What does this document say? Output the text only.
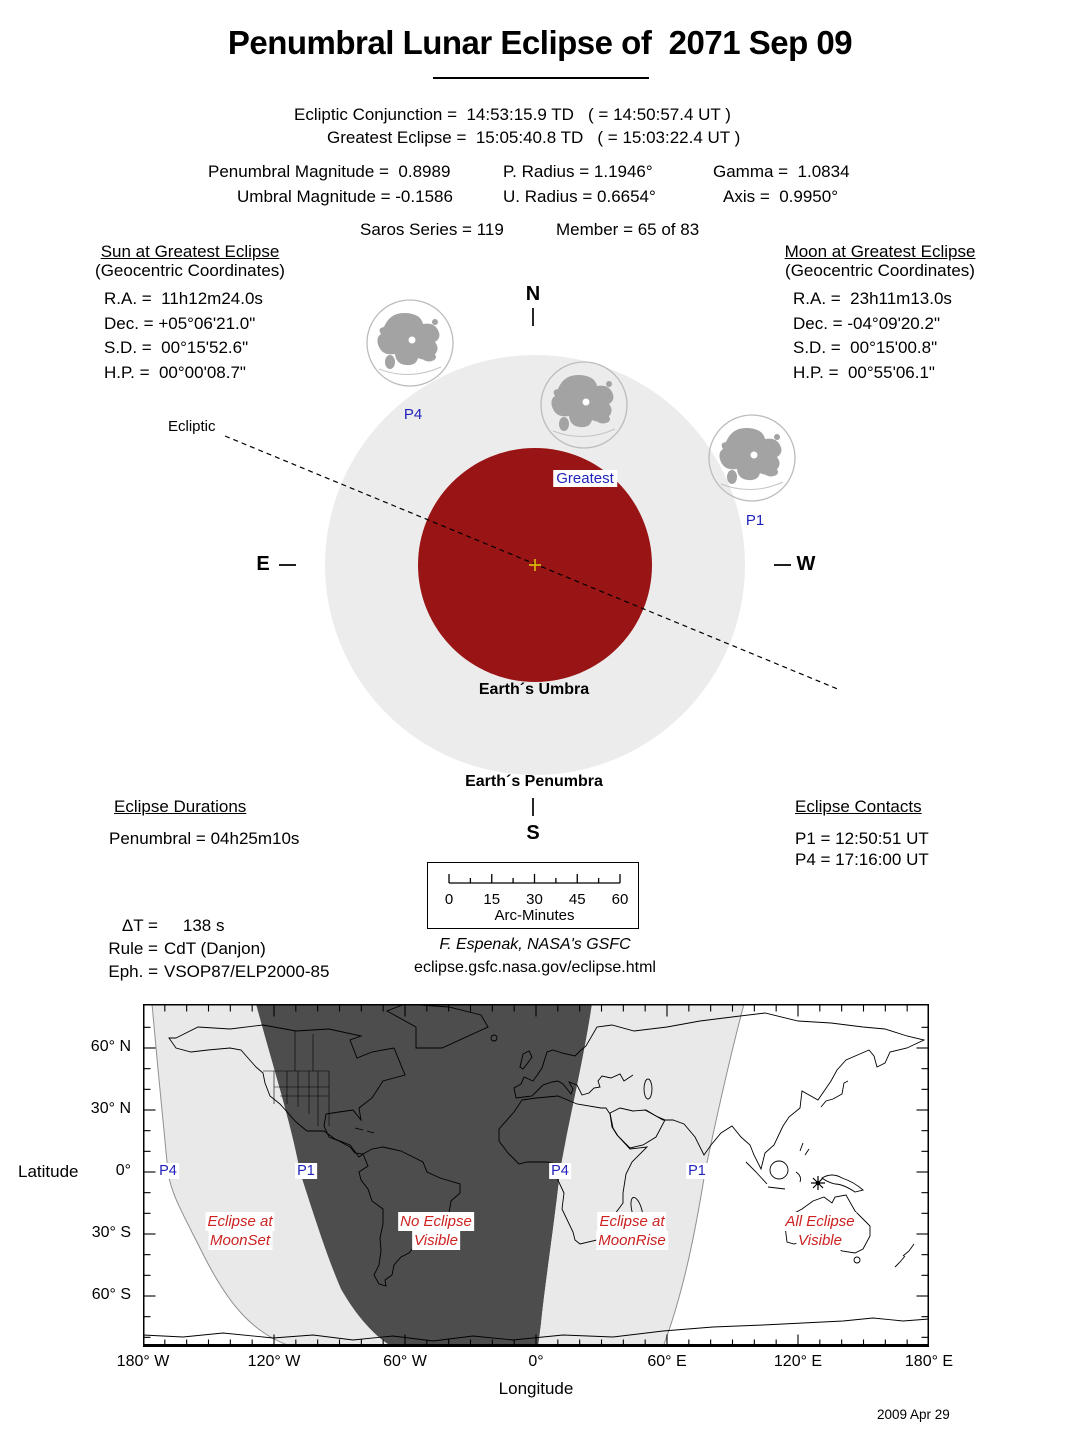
Penumbral Lunar Eclipse of  2071 Sep 09
Ecliptic Conjunction =  14:53:15.9 TD   ( = 14:50:57.4 UT )
Greatest Eclipse =  15:05:40.8 TD   ( = 15:03:22.4 UT )
Penumbral Magnitude =  0.8989	P. Radius = 1.1946°	Gamma =  1.0834
Umbral Magnitude = -0.1586	U. Radius = 0.6654°	Axis =  0.9950°
Saros Series = 119	Member = 65 of 83
Sun at Greatest Eclipse
(Geocentric Coordinates)
R.A. =  11h12m24.0s
Dec. = +05°06'21.0"
S.D. =  00°15'52.6"
H.P. =  00°00'08.7"
Moon at Greatest Eclipse
(Geocentric Coordinates)
R.A. =  23h11m13.0s
Dec. = -04°09'20.2"
S.D. =  00°15'00.8"
H.P. =  00°55'06.1"
N
S
E	W
Ecliptic
P4
Greatest
P1
Earth´s Umbra
Earth´s Penumbra
Eclipse Durations
Penumbral = 04h25m10s
Eclipse Contacts
P1 = 12:50:51 UT
P4 = 17:16:00 UT

0 15 30 45 60
Arc-Minutes

ΔT = 138 s
Rule = CdT (Danjon)
Eph. = VSOP87/ELP2000-85
F. Espenak, NASA's GSFC
eclipse.gsfc.nasa.gov/eclipse.html
P4	P1	P4	P1
Eclipse at
MoonSet
No Eclipse
Visible
Eclipse at
MoonRise
All Eclipse
Visible
Latitude
60° N
30° N
0°
30° S
60° S
180° W	120° W	60° W	0°	60° E	120° E	180° E
Longitude
2009 Apr 29
